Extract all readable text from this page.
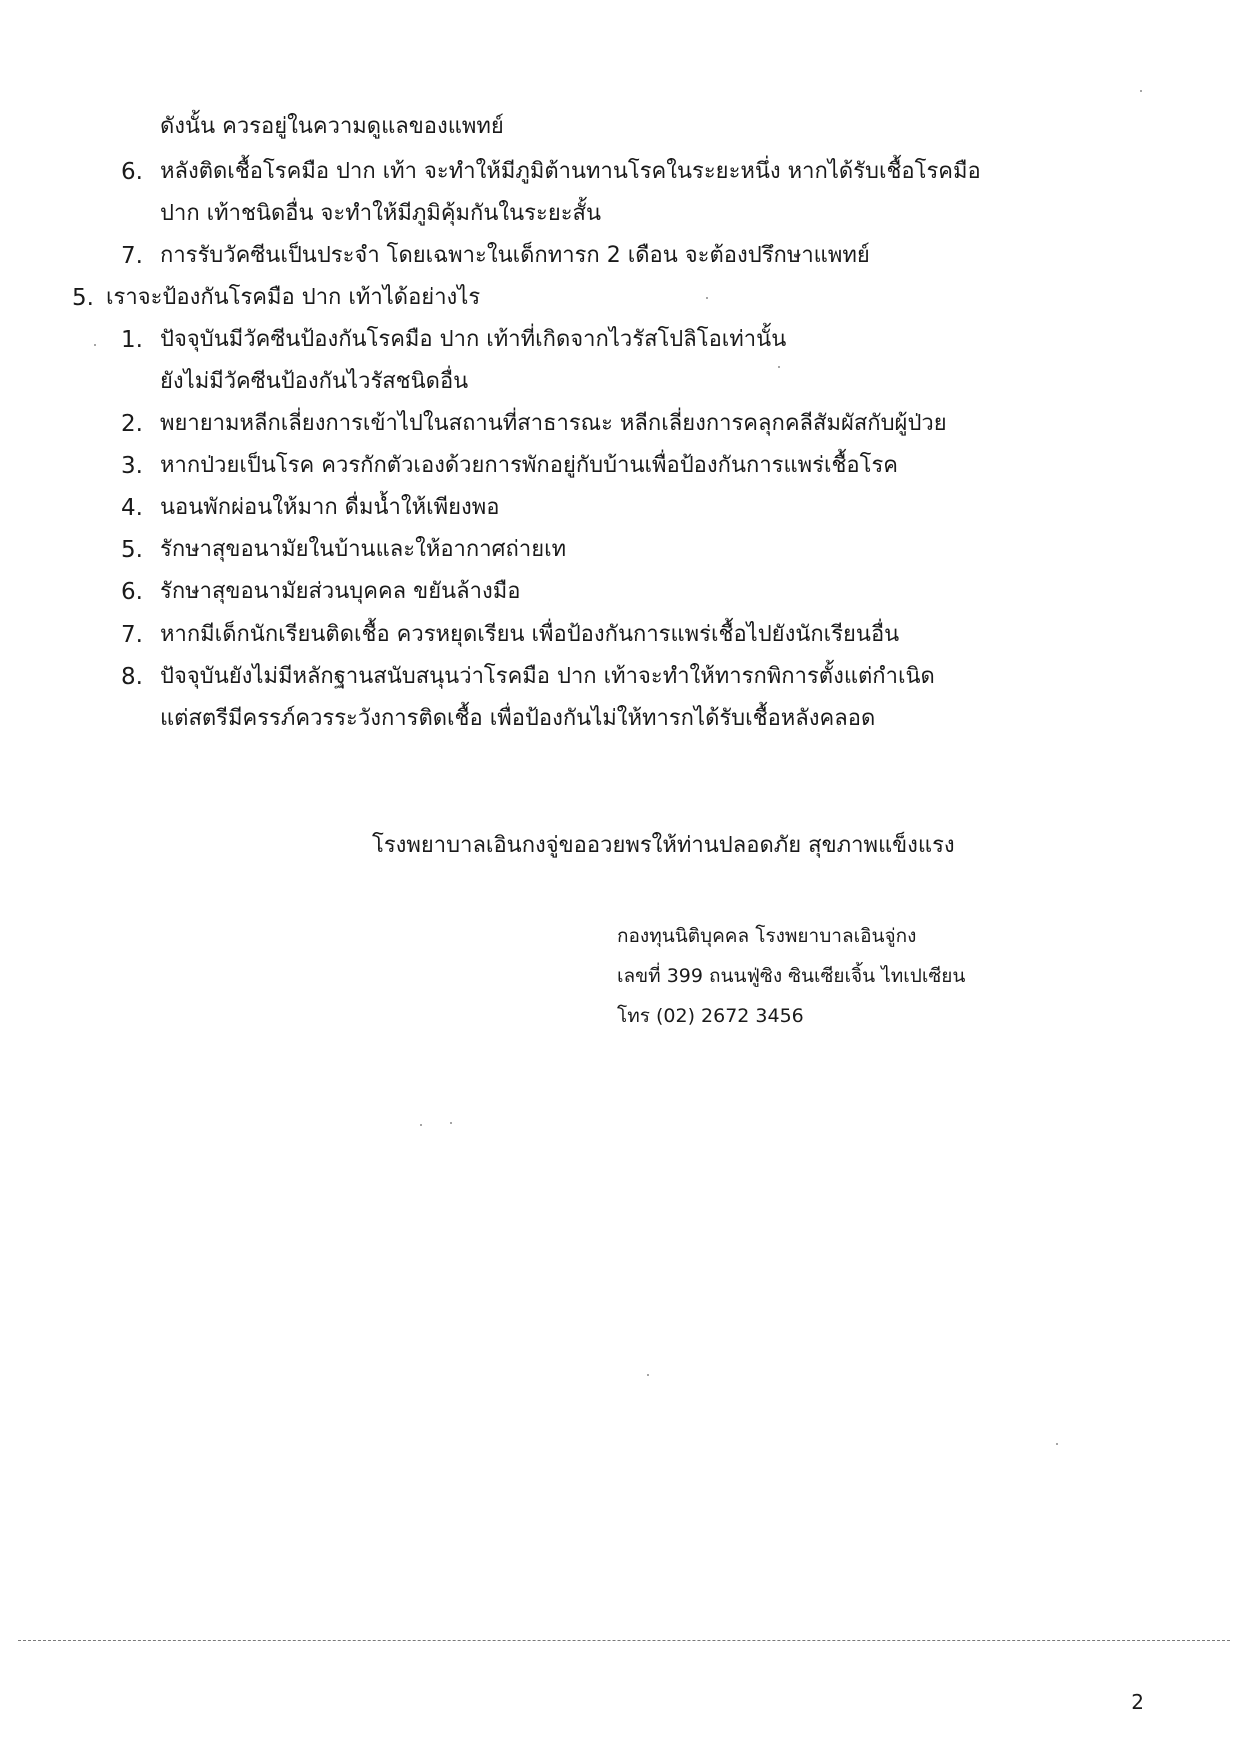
ดังนั้น ควรอยู่ในความดูแลของแพทย์
6. หลังติดเชื้อโรคมือ ปาก เท้า จะทำให้มีภูมิต้านทานโรคในระยะหนึ่ง หากได้รับเชื้อโรคมือ
ปาก เท้าชนิดอื่น จะทำให้มีภูมิคุ้มกันในระยะสั้น
7. การรับวัคซีนเป็นประจำ โดยเฉพาะในเด็กทารก 2 เดือน จะต้องปรึกษาแพทย์
5. เราจะป้องกันโรคมือ ปาก เท้าได้อย่างไร
1. ปัจจุบันมีวัคซีนป้องกันโรคมือ ปาก เท้าที่เกิดจากไวรัสโปลิโอเท่านั้น
ยังไม่มีวัคซีนป้องกันไวรัสชนิดอื่น
2. พยายามหลีกเลี่ยงการเข้าไปในสถานที่สาธารณะ หลีกเลี่ยงการคลุกคลีสัมผัสกับผู้ป่วย
3. หากป่วยเป็นโรค ควรกักตัวเองด้วยการพักอยู่กับบ้านเพื่อป้องกันการแพร่เชื้อโรค
4. นอนพักผ่อนให้มาก ดื่มน้ำให้เพียงพอ
5. รักษาสุขอนามัยในบ้านและให้อากาศถ่ายเท
6. รักษาสุขอนามัยส่วนบุคคล ขยันล้างมือ
7. หากมีเด็กนักเรียนติดเชื้อ ควรหยุดเรียน เพื่อป้องกันการแพร่เชื้อไปยังนักเรียนอื่น
8. ปัจจุบันยังไม่มีหลักฐานสนับสนุนว่าโรคมือ ปาก เท้าจะทำให้ทารกพิการตั้งแต่กำเนิด
แต่สตรีมีครรภ์ควรระวังการติดเชื้อ เพื่อป้องกันไม่ให้ทารกได้รับเชื้อหลังคลอด
โรงพยาบาลเอินกงจู่ขออวยพรให้ท่านปลอดภัย สุขภาพแข็งแรง
กองทุนนิติบุคคล โรงพยาบาลเอินจู่กง
เลขที่ 399 ถนนฟู่ซิง ซินเซียเจิ้น ไทเปเซียน
โทร (02) 2672 3456
2
